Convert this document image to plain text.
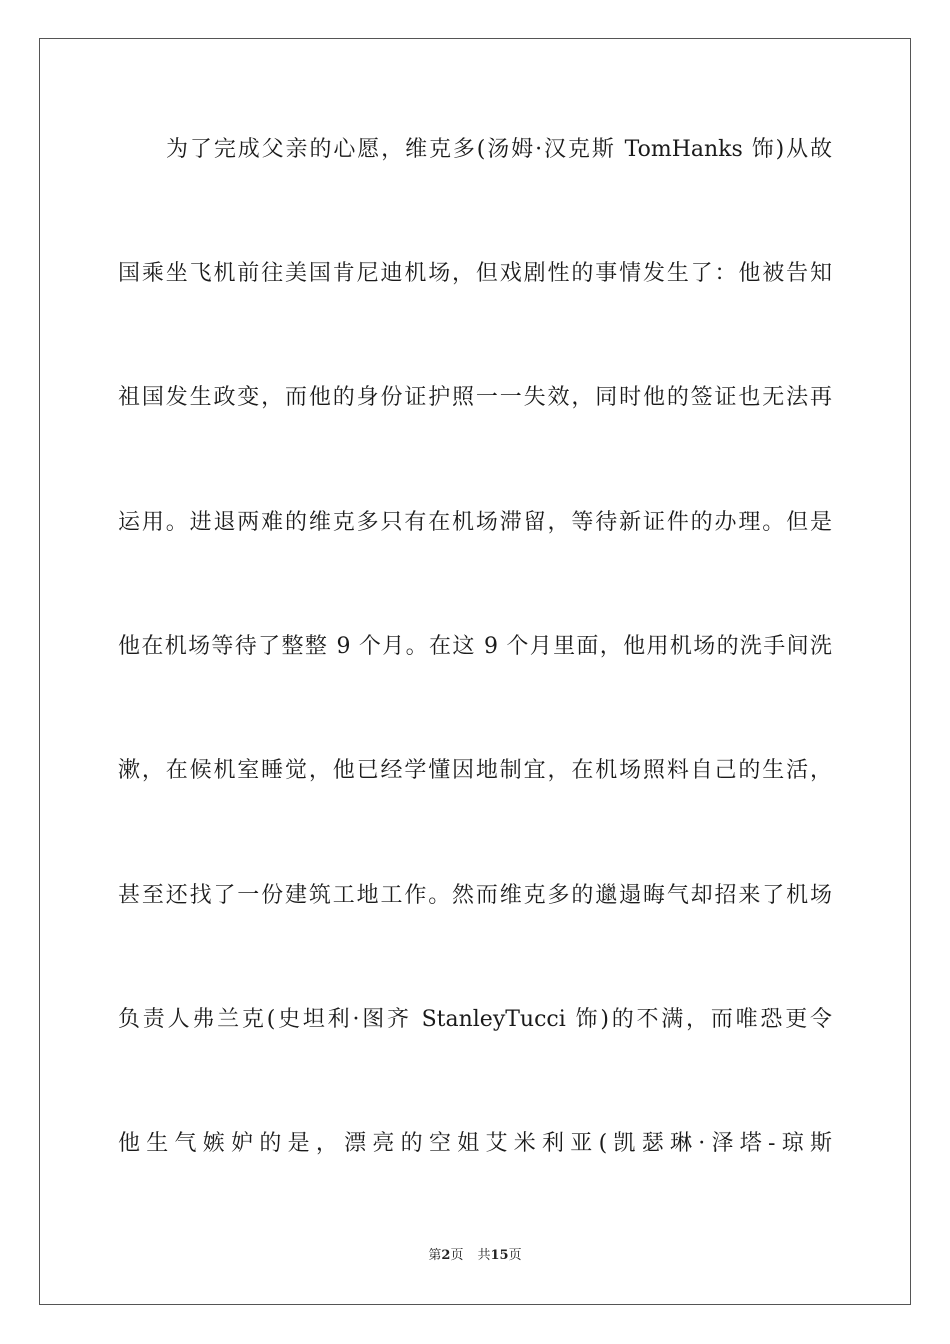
为了完成父亲的心愿，维克多(汤姆·汉克斯 TomHanks 饰)从故
国乘坐飞机前往美国肯尼迪机场，但戏剧性的事情发生了：他被告知
祖国发生政变，而他的身份证护照一一失效，同时他的签证也无法再
运用。进退两难的维克多只有在机场滞留，等待新证件的办理。但是
他在机场等待了整整 9 个月。在这 9 个月里面，他用机场的洗手间洗
漱，在候机室睡觉，他已经学懂因地制宜，在机场照料自己的生活，
甚至还找了一份建筑工地工作。然而维克多的邋遢晦气却招来了机场
负责人弗兰克(史坦利·图齐 StanleyTucci 饰)的不满，而唯恐更令
他生气嫉妒的是，漂亮的空姐艾米利亚(凯瑟琳·泽塔-琼斯
第2页 共15页
